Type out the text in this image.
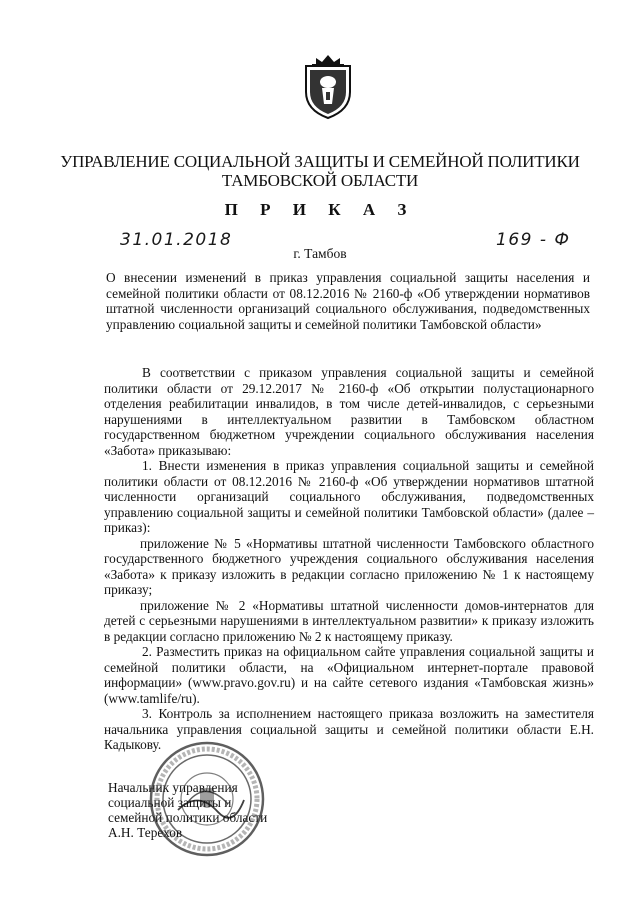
УПРАВЛЕНИЕ СОЦИАЛЬНОЙ ЗАЩИТЫ И СЕМЕЙНОЙ ПОЛИТИКИ
ТАМБОВСКОЙ ОБЛАСТИ
П Р И К А З
31.01.2018
г. Тамбов
169 - Ф
О внесении изменений в приказ управления социальной защиты населения и семейной политики области от 08.12.2016 № 2160-ф «Об утверждении нормативов штатной численности организаций социального обслуживания, подведомственных управлению социальной защиты и семейной политики Тамбовской области»

В соответствии с приказом управления социальной защиты и семейной политики области от 29.12.2017 № 2160-ф «Об открытии полустационарного отделения реабилитации инвалидов, в том числе детей-инвалидов, с серьезными нарушениями в интеллектуальном развитии в Тамбовском областном государственном бюджетном учреждении социального обслуживания населения «Забота» приказываю:

1. Внести изменения в приказ управления социальной защиты и семейной политики области от 08.12.2016 № 2160-ф «Об утверждении нормативов штатной численности организаций социального обслуживания, подведомственных управлению социальной защиты и семейной политики Тамбовской области» (далее – приказ):

приложение № 5 «Нормативы штатной численности Тамбовского областного государственного бюджетного учреждения социального обслуживания населения «Забота» к приказу изложить в редакции согласно приложению № 1 к настоящему приказу;

приложение № 2 «Нормативы штатной численности домов-интернатов для детей с серьезными нарушениями в интеллектуальном развитии» к приказу изложить в редакции согласно приложению № 2 к настоящему приказу.

2. Разместить приказ на официальном сайте управления социальной защиты и семейной политики области, на «Официальном интернет-портале правовой информации» (www.pravo.gov.ru) и на сайте сетевого издания «Тамбовская жизнь» (www.tamlife/ru).

3. Контроль за исполнением настоящего приказа возложить на заместителя начальника управления социальной защиты и семейной политики области Е.Н. Кадыкову.

Начальник управления
социальной защиты и
семейной политики области
А.Н. Терехов
